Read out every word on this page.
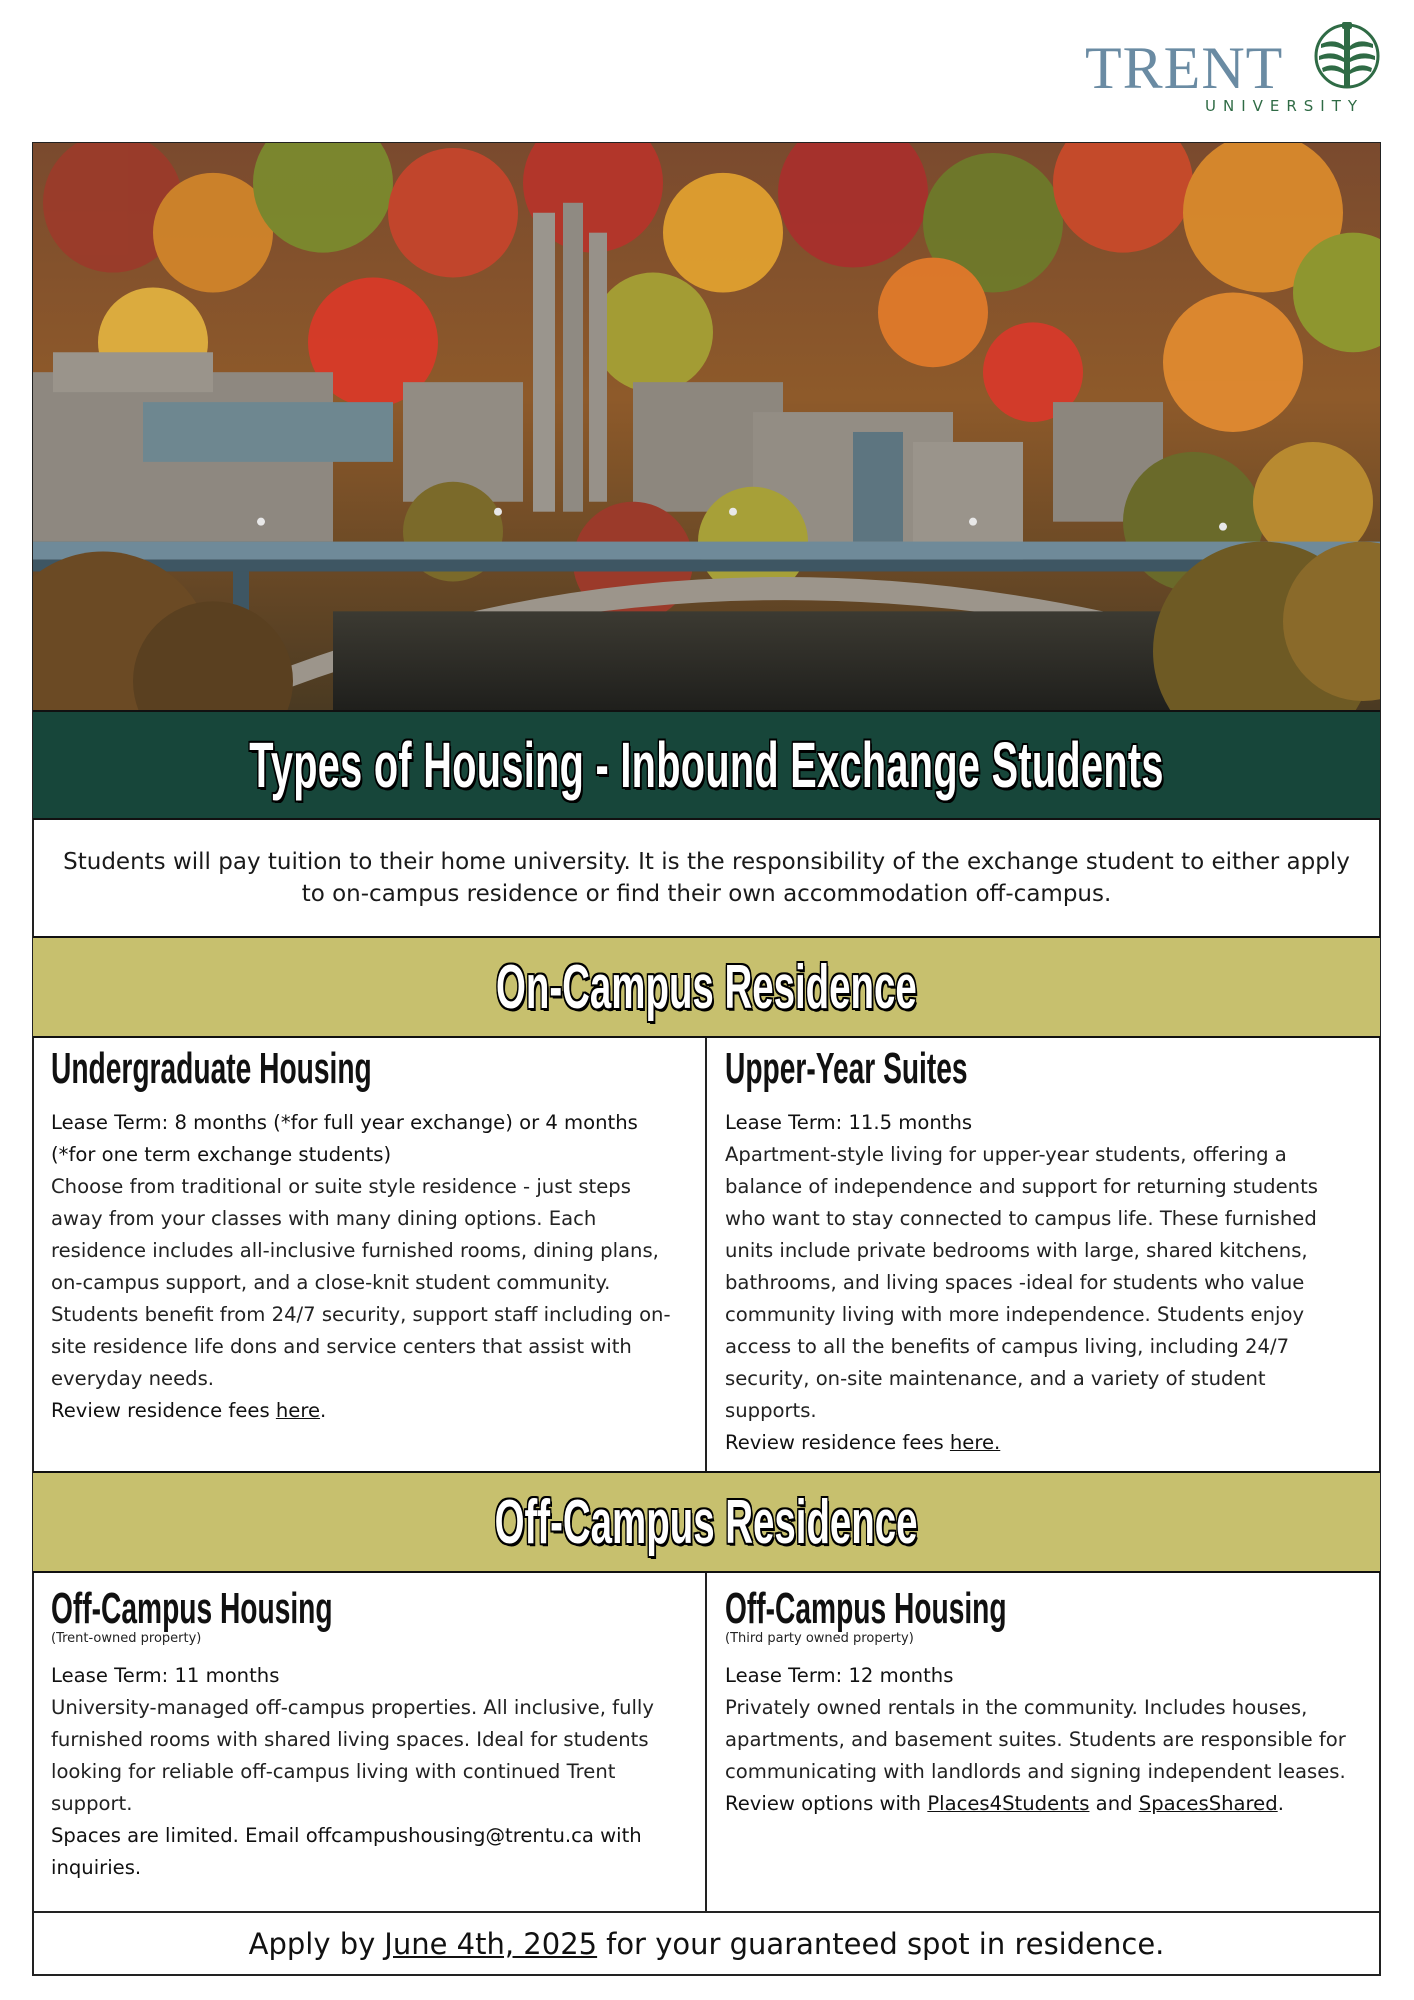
TRENT
UNIVERSITY
Types of Housing - Inbound Exchange Students
Students will pay tuition to their home university. It is the responsibility of the exchange student to either apply to on-campus residence or find their own accommodation off-campus.
On-Campus Residence
Undergraduate Housing
Lease Term: 8 months (*for full year exchange) or 4 months (*for one term exchange students)
Choose from traditional or suite style residence - just steps away from your classes with many dining options. Each residence includes all-inclusive furnished rooms, dining plans, on-campus support, and a close-knit student community. Students benefit from 24/7 security, support staff including on-site residence life dons and service centers that assist with everyday needs.
Review residence fees here.
Upper-Year Suites
Lease Term: 11.5 months
Apartment-style living for upper-year students, offering a balance of independence and support for returning students who want to stay connected to campus life. These furnished units include private bedrooms with large, shared kitchens, bathrooms, and living spaces -ideal for students who value community living with more independence. Students enjoy access to all the benefits of campus living, including 24/7 security, on-site maintenance, and a variety of student supports.
Review residence fees here.
Off-Campus Residence
Off-Campus Housing
(Trent-owned property)
Lease Term: 11 months
University-managed off-campus properties. All inclusive, fully furnished rooms with shared living spaces. Ideal for students looking for reliable off-campus living with continued Trent support.
Spaces are limited. Email offcampushousing@trentu.ca with inquiries.
Off-Campus Housing
(Third party owned property)
Lease Term: 12 months
Privately owned rentals in the community. Includes houses, apartments, and basement suites. Students are responsible for communicating with landlords and signing independent leases.
Review options with Places4Students and SpacesShared.
Apply by June 4th, 2025 for your guaranteed spot in residence.
